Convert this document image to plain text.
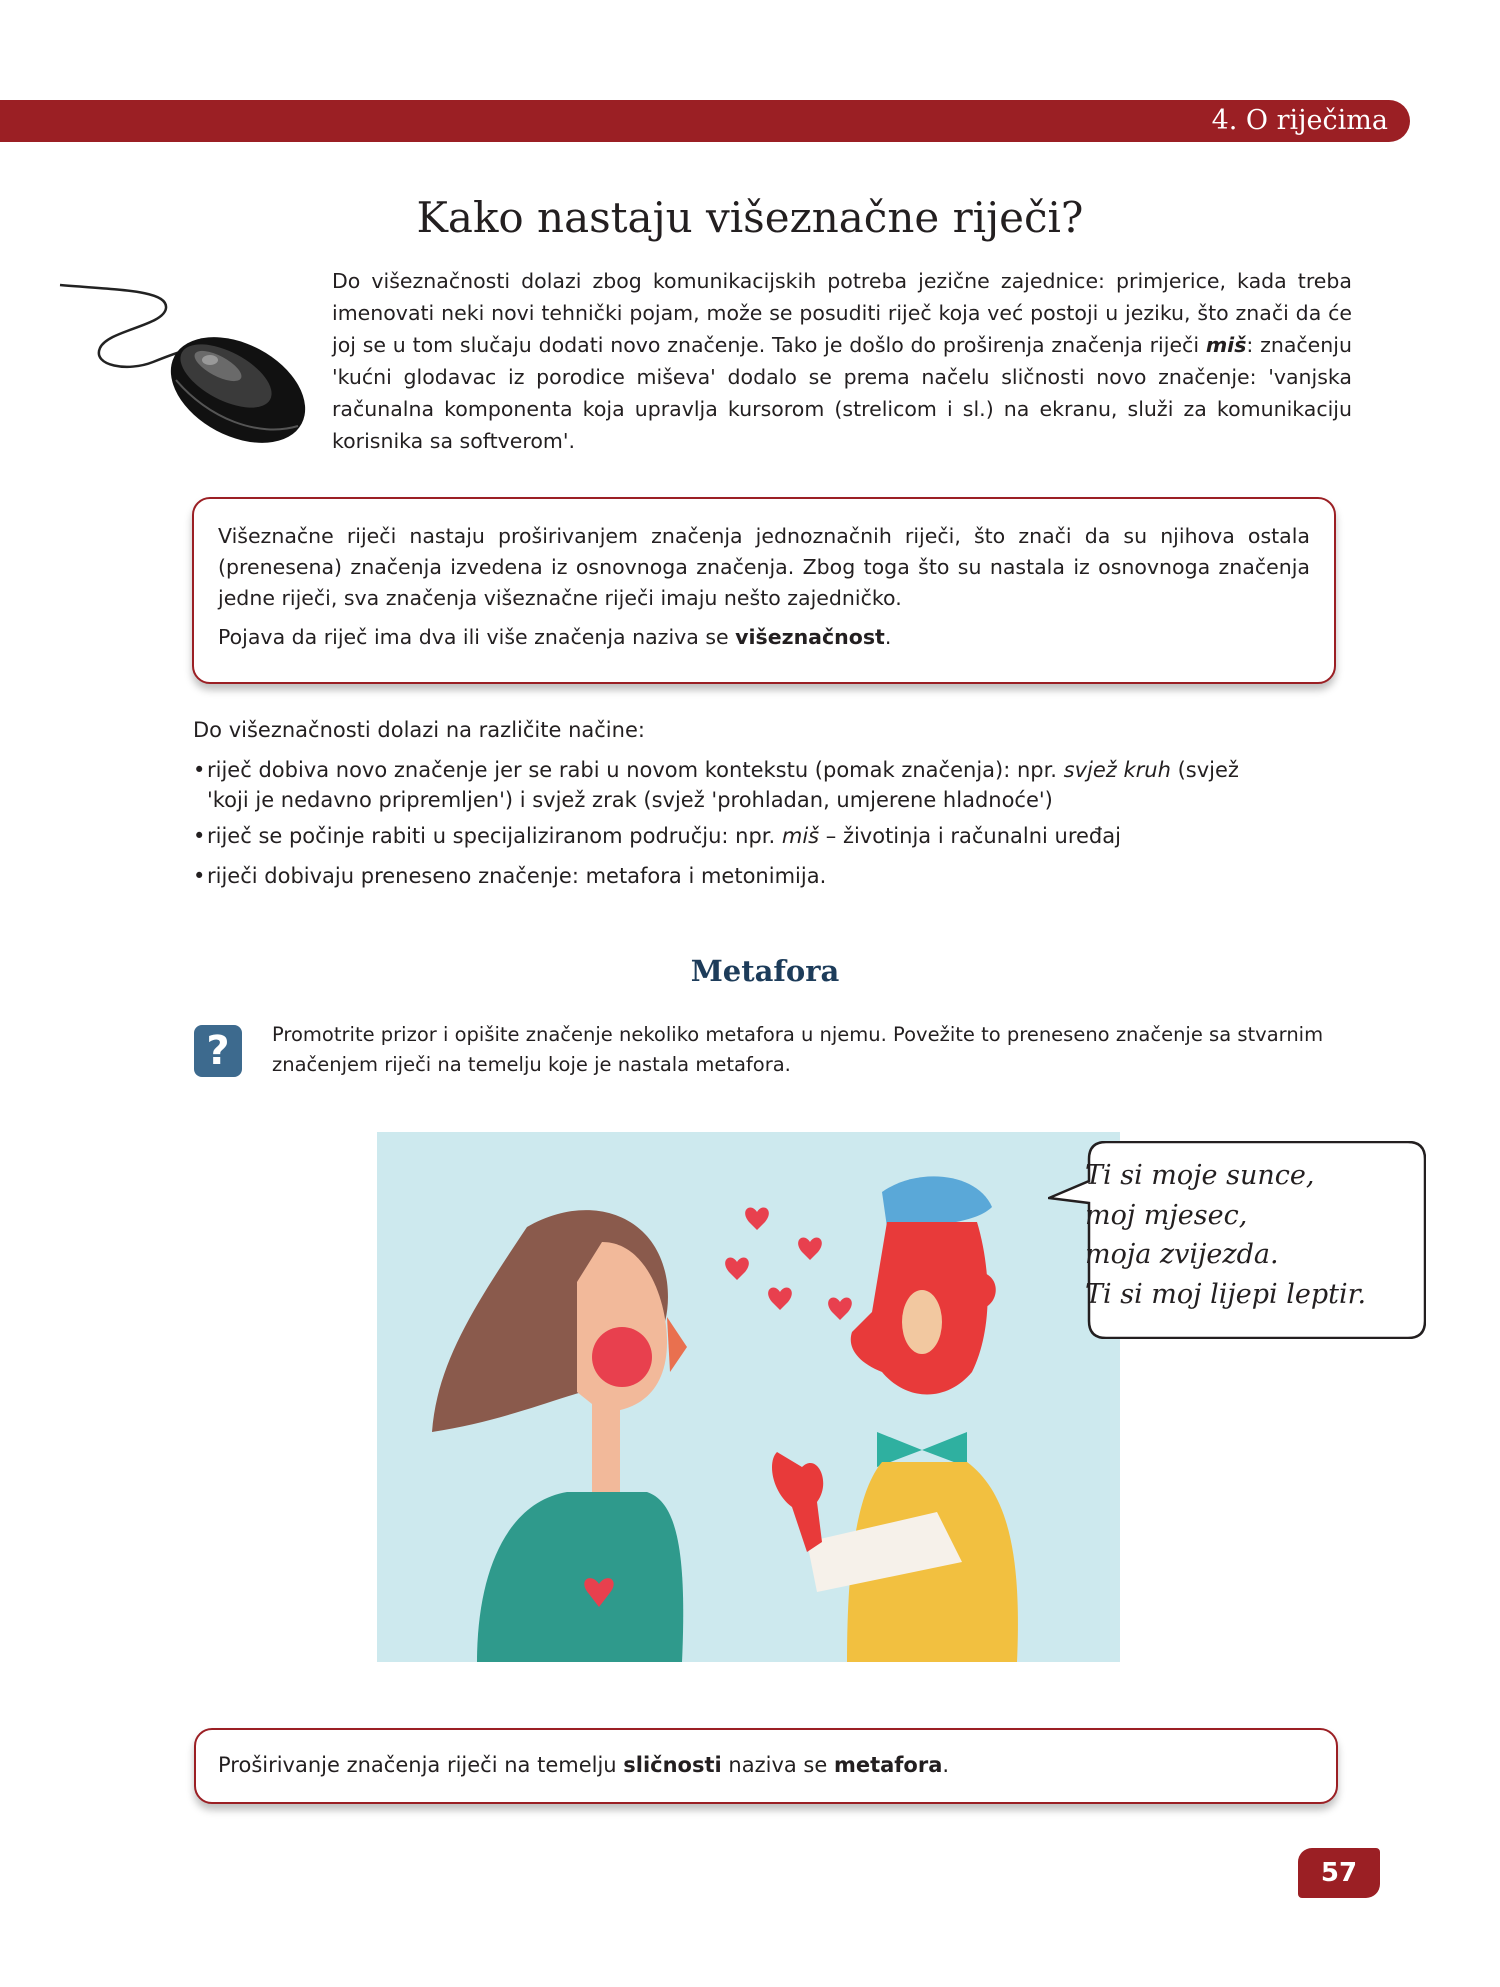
4. O riječima
Kako nastaju višeznačne riječi?
Do višeznačnosti dolazi zbog komunikacijskih potreba jezične zajednice: primjerice, kada treba imenovati neki novi tehnički pojam, može se posuditi riječ koja već postoji u jeziku, što znači da će joj se u tom slučaju dodati novo značenje. Tako je došlo do proširenja značenja riječi miš: značenju 'kućni glodavac iz porodice miševa' dodalo se prema načelu sličnosti novo značenje: 'vanjska računalna komponenta koja upravlja kursorom (strelicom i sl.) na ekranu, služi za komunikaciju korisnika sa softverom'.

Višeznačne riječi nastaju proširivanjem značenja jednoznačnih riječi, što znači da su njihova ostala (prenesena) značenja izvedena iz osnovnoga značenja. Zbog toga što su nastala iz osnovnoga značenja jedne riječi, sva značenja višeznačne riječi imaju nešto zajedničko.

Pojava da riječ ima dva ili više značenja naziva se višeznačnost.

Do višeznačnosti dolazi na različite načine:
• riječ dobiva novo značenje jer se rabi u novom kontekstu (pomak značenja): npr. svjež kruh (svjež
'koji je nedavno pripremljen') i svjež zrak (svjež 'prohladan, umjerene hladnoće')
• riječ se počinje rabiti u specijaliziranom području: npr. miš – životinja i računalni uređaj
• riječi dobivaju preneseno značenje: metafora i metonimija.
Metafora
?	Promotrite prizor i opišite značenje nekoliko metafora u njemu. Povežite to preneseno značenje sa stvarnim značenjem riječi na temelju koje je nastala metafora.
Ti si moje sunce,
moj mjesec,
moja zvijezda.
Ti si moj lijepi leptir.
Proširivanje značenja riječi na temelju sličnosti naziva se metafora.
57
